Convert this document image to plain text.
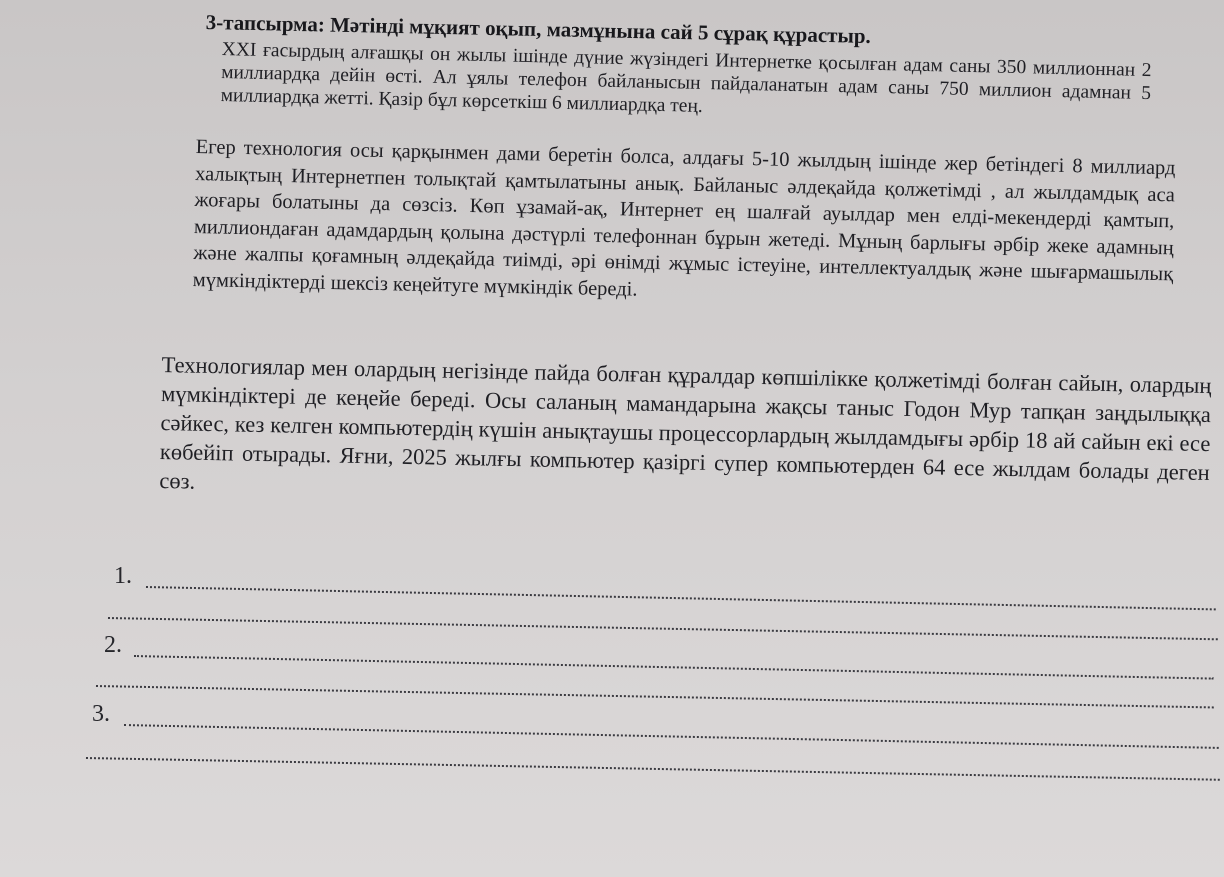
3-тапсырма: Мәтінді мұқият оқып, мазмұнына сай 5 сұрақ құрастыр.
XXI ғасырдың алғашқы он жылы ішінде дүние жүзіндегі Интернетке қосылған адам саны 350 миллионнан 2 миллиардқа дейін өсті. Ал ұялы телефон байланысын пайдаланатын адам саны 750 миллион адамнан 5 миллиардқа жетті. Қазір бұл көрсеткіш 6 миллиардқа тең.
Егер технология осы қарқынмен дами беретін болса, алдағы 5-10 жылдың ішінде жер бетіндегі 8 миллиард халықтың Интернетпен толықтай қамтылатыны анық. Байланыс әлдеқайда қолжетімді , ал жылдамдық аса жоғары болатыны да сөзсіз. Көп ұзамай-ақ, Интернет ең шалғай ауылдар мен елді-мекендерді қамтып, миллиондаған адамдардың қолына дәстүрлі телефоннан бұрын жетеді. Мұның барлығы әрбір жеке адамның және жалпы қоғамның әлдеқайда тиімді, әрі өнімді жұмыс істеуіне, интеллектуалдық және шығармашылық мүмкіндіктерді шексіз кеңейтуге мүмкіндік береді.
Технологиялар мен олардың негізінде пайда болған құралдар көпшілікке қолжетімді болған сайын, олардың мүмкіндіктері де кеңейе береді. Осы саланың мамандарына жақсы таныс Годон Мур тапқан заңдылыққа сәйкес, кез келген компьютердің күшін анықтаушы процессорлардың жылдамдығы әрбір 18 ай сайын екі есе көбейіп отырады. Яғни, 2025 жылғы компьютер қазіргі супер компьютерден 64 есе жылдам болады деген сөз.
1.
2.
3.
